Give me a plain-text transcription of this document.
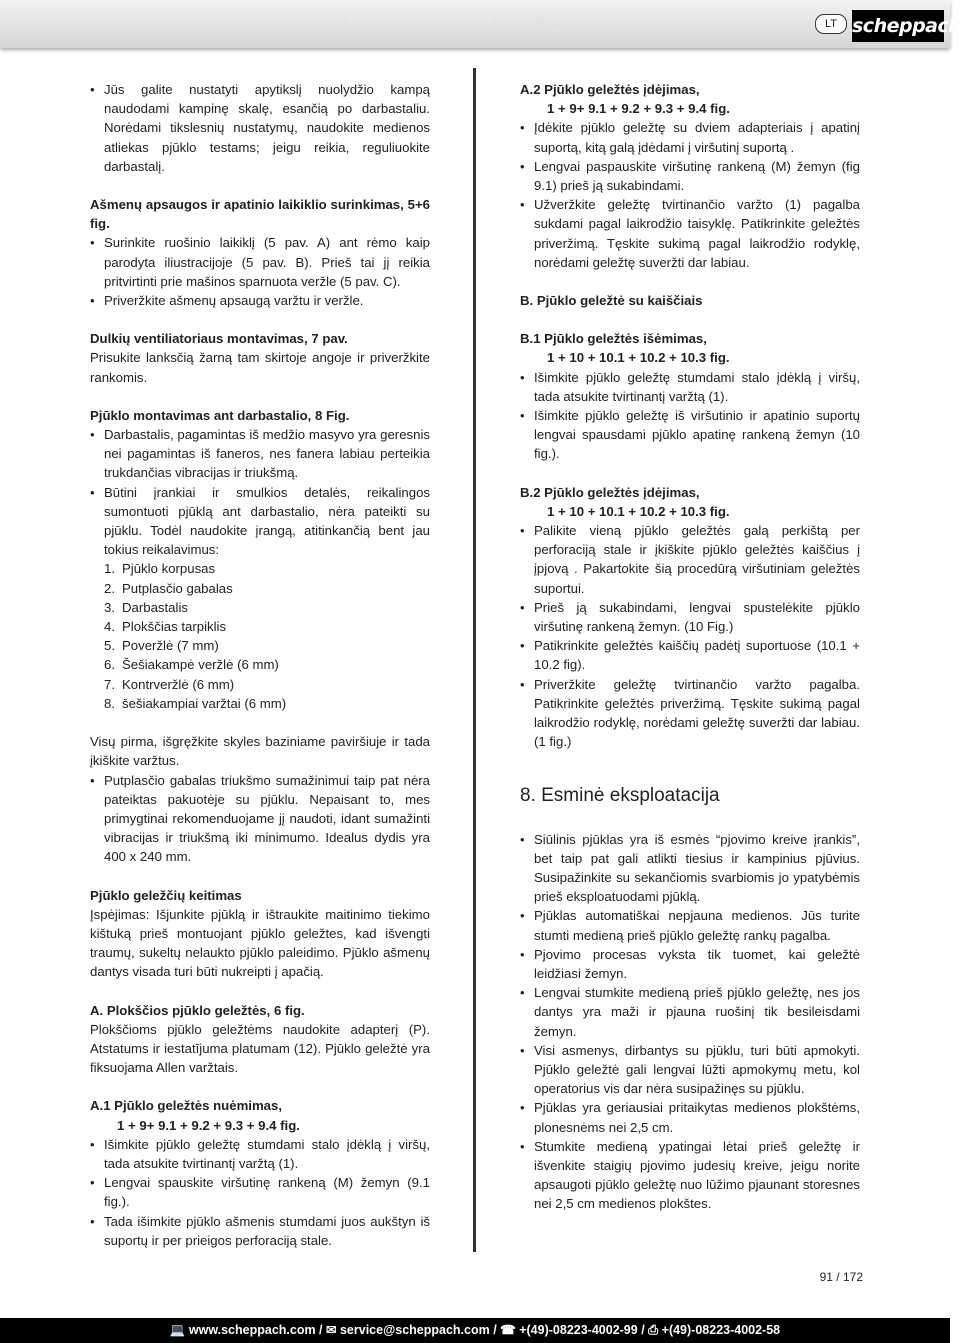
All manuals and user guides at all-guides.com	LT scheppach
• Jūs galite nustatyti apytikslį nuolydžio kampą naudodami kampinę skalę, esančią po darbastaliu. Norėdami tikslesnių nustatymų, naudokite medienos atliekas pjūklo testams; jeigu reikia, reguliuokite darbastalį.

Ašmenų apsaugos ir apatinio laikiklio surinkimas, 5+6 fig.

• Surinkite ruošinio laikiklį (5 pav. A) ant rėmo kaip parodyta iliustracijoje (5 pav. B). Prieš tai jį reikia pritvirtinti prie mašinos sparnuota veržle (5 pav. C).
• Priveržkite ašmenų apsaugą varžtu ir veržle.

Dulkių ventiliatoriaus montavimas, 7 pav.

Prisukite lanksčią žarną tam skirtoje angoje ir priveržkite rankomis.

Pjūklo montavimas ant darbastalio, 8 Fig.

• Darbastalis, pagamintas iš medžio masyvo yra geresnis nei pagamintas iš faneros, nes fanera labiau perteikia trukdančias vibracijas ir triukšmą.
• Būtini įrankiai ir smulkios detalės, reikalingos sumontuoti pjūklą ant darbastalio, nėra pateikti su pjūklu. Todėl naudokite įrangą, atitinkančią bent jau tokius reikalavimus:
1. Pjūklo korpusas
2. Putplasčio gabalas
3. Darbastalis
4. Plokščias tarpiklis
5. Poveržlė (7 mm)
6. Šešiakampė veržlė (6 mm)
7. Kontrveržlė (6 mm)
8. šešiakampiai varžtai (6 mm)

Visų pirma, išgręžkite skyles baziniame paviršiuje ir tada įkiškite varžtus.

• Putplasčio gabalas triukšmo sumažinimui taip pat nėra pateiktas pakuotėje su pjūklu. Nepaisant to, mes primygtinai rekomenduojame jį naudoti, idant sumažinti vibracijas ir triukšmą iki minimumo. Idealus dydis yra 400 x 240 mm.

Pjūklo geležčių keitimas

Įspėjimas: Išjunkite pjūklą ir ištraukite maitinimo tiekimo kištuką prieš montuojant pjūklo geležtes, kad išvengti traumų, sukeltų nelaukto pjūklo paleidimo. Pjūklo ašmenų dantys visada turi būti nukreipti į apačią.

A. Plokščios pjūklo geležtės, 6 fig.

Plokščioms pjūklo geležtėms naudokite adapterį (P). Atstatums ir iestatījuma platumam (12). Pjūklo geležtė yra fiksuojama Allen varžtais.

A.1 Pjūklo geležtės nuėmimas,

1 + 9+ 9.1 + 9.2 + 9.3 + 9.4 fig.

• Išimkite pjūklo geležtę stumdami stalo įdėklą į viršų, tada atsukite tvirtinantį varžtą (1).
• Lengvai spauskite viršutinę rankeną (M) žemyn (9.1 fig.).
• Tada išimkite pjūklo ašmenis stumdami juos aukštyn iš suportų ir per prieigos perforaciją stale.

A.2 Pjūklo geležtės įdėjimas,

1 + 9+ 9.1 + 9.2 + 9.3 + 9.4 fig.

• Įdėkite pjūklo geležtę su dviem adapteriais į apatinį suportą, kitą galą įdėdami į viršutinį suportą .
• Lengvai paspauskite viršutinę rankeną (M) žemyn (fig 9.1) prieš ją sukabindami.
• Užveržkite geležtę tvirtinančio varžto (1) pagalba sukdami pagal laikrodžio taisyklę. Patikrinkite geležtės priveržimą. Tęskite sukimą pagal laikrodžio rodyklę, norėdami geležtę suveržti dar labiau.

B. Pjūklo geležtė su kaiščiais

B.1 Pjūklo geležtės išėmimas,

1 + 10 + 10.1 + 10.2 + 10.3 fig.

• Išimkite pjūklo geležtę stumdami stalo įdėklą į viršų, tada atsukite tvirtinantį varžtą (1).
• Išimkite pjūklo geležtę iš viršutinio ir apatinio suportų lengvai spausdami pjūklo apatinę rankeną žemyn (10 fig.).

B.2 Pjūklo geležtės įdėjimas,

1 + 10 + 10.1 + 10.2 + 10.3 fig.

• Palikite vieną pjūklo geležtės galą perkištą per perforaciją stale ir įkiškite pjūklo geležtės kaiščius į įpjovą . Pakartokite šią procedūrą viršutiniam geležtės suportui.
• Prieš ją sukabindami, lengvai spustelėkite pjūklo viršutinę rankeną žemyn. (10 Fig.)
• Patikrinkite geležtės kaiščių padėtį suportuose (10.1 + 10.2 fig).
• Priveržkite geležtę tvirtinančio varžto pagalba. Patikrinkite geležtės priveržimą. Tęskite sukimą pagal laikrodžio rodyklę, norėdami geležtę suveržti dar labiau. (1 fig.)
8. Esminė eksploatacija
• Siūlinis pjūklas yra iš esmės “pjovimo kreive įrankis”, bet taip pat gali atlikti tiesius ir kampinius pjūvius. Susipažinkite su sekančiomis svarbiomis jo ypatybėmis prieš eksploatuodami pjūklą.
• Pjūklas automatiškai nepjauna medienos. Jūs turite stumti medieną prieš pjūklo geležtę rankų pagalba.
• Pjovimo procesas vyksta tik tuomet, kai geležtė leidžiasi žemyn.
• Lengvai stumkite medieną prieš pjūklo geležtę, nes jos dantys yra maži ir pjauna ruošinį tik besileisdami žemyn.
• Visi asmenys, dirbantys su pjūklu, turi būti apmokyti. Pjūklo geležtė gali lengvai lūžti apmokymų metu, kol operatorius vis dar nėra susipažinęs su pjūklu.
• Pjūklas yra geriausiai pritaikytas medienos plokštėms, plonesnėms nei 2,5 cm.
• Stumkite medieną ypatingai lėtai prieš geležtę ir išvenkite staigių pjovimo judesių kreive, jeigu norite apsaugoti pjūklo geležtę nuo lūžimo pjaunant storesnes nei 2,5 cm medienos plokštes.
91 / 172
💻 www.scheppach.com / ✉ service@scheppach.com / ☎ +(49)-08223-4002-99 / ⎙ +(49)-08223-4002-58
